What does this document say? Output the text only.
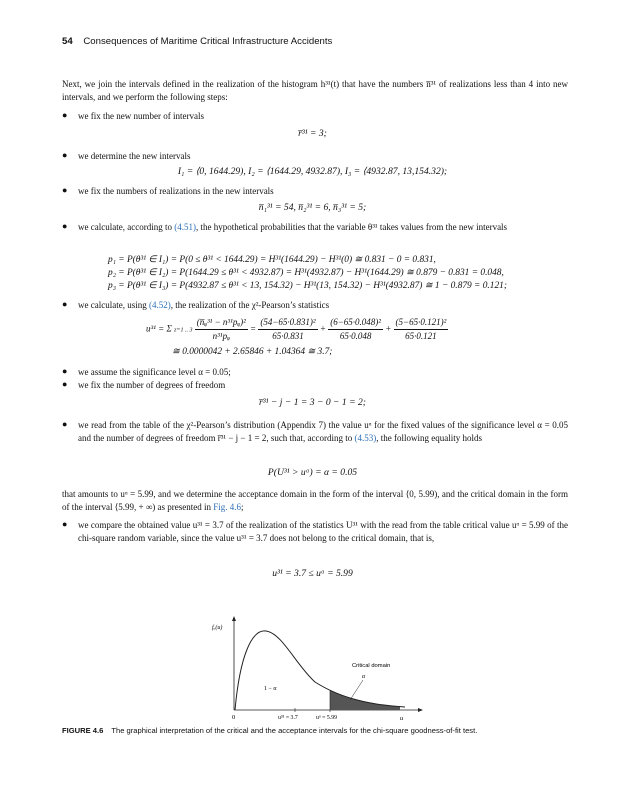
54 Consequences of Maritime Critical Infrastructure Accidents
Next, we join the intervals defined in the realization of the histogram h³¹(t) that have the numbers n̅³¹ of realizations less than 4 into new intervals, and we perform the following steps:
● we fix the new number of intervals
r̅³¹ = 3;
● we determine the new intervals
I₁ = ⟨0, 1644.29), I₂ = ⟨1644.29, 4932.87), I₃ = ⟨4932.87, 13,154.32);
● we fix the numbers of realizations in the new intervals
n̅₁³¹ = 54, n̅₂³¹ = 6, n̅₃³¹ = 5;
● we calculate, according to (4.51), the hypothetical probabilities that the variable θ³¹ takes values from the new intervals
p₁ = P(θ³¹ ∈ I₁) = P(0 ≤ θ³¹ < 1644.29) = H³¹(1644.29) − H³¹(0) ≅ 0.831 − 0 = 0.831,
p₂ = P(θ³¹ ∈ I₂) = P(1644.29 ≤ θ³¹ < 4932.87) = H³¹(4932.87) − H³¹(1644.29) ≅ 0.879 − 0.831 = 0.048,
p₃ = P(θ³¹ ∈ I₃) = P(4932.87 ≤ θ³¹ < 13, 154.32) − H³¹(13, 154.32) − H³¹(4932.87) ≅ 1 − 0.879 = 0.121;
● we calculate, using (4.52), the realization of the χ²-Pearson’s statistics
u³¹ = Σ z=1 .. $3 \frac{\text{(n̅ᵩ³¹ − n³¹pᵩ)²}}{\text{n³¹pᵩ}} = \frac{\text{(54−65·0.831)²}}{65\cdot 0.831} + \frac{\text{(6−65·0.048)²}}{65\cdot 0.048} + \frac{\text{(5−65·0.121)²}}{65\cdot 0.121}$
≅ 0.0000042 + 2.65846 + 1.04364 ≅ 3.7;
● we assume the significance level α = 0.05;
● we fix the number of degrees of freedom
r̅³¹ − j − 1 = 3 − 0 − 1 = 2;
● we read from the table of the χ²-Pearson’s distribution (Appendix 7) the value uᵅ for the fixed values of the significance level α = 0.05 and the number of degrees of freedom r̅³¹ − j − 1 = 2, such that, according to (4.53), the following equality holds
P(U³¹ > uᵅ) = α = 0.05
that amounts to uᵅ = 5.99, and we determine the acceptance domain in the form of the interval ⟨0, 5.99), and the critical domain in the form of the interval ⟨5.99, + ∞) as presented in Fig. 4.6;
● we compare the obtained value u³¹ = 3.7 of the realization of the statistics U³¹ with the read from the table critical value uᵅ = 5.99 of the chi-square random variable, since the value u³¹ = 3.7 does not belong to the critical domain, that is,
u³¹ = 3.7 ≤ uᵅ = 5.99
fᵤ(u)
0	u
Critical domain
α
1 − α
u³¹ = 3.7	uᵅ = 5.99
FIGURE 4.6 The graphical interpretation of the critical and the acceptance intervals for the chi-square goodness-of-fit test.
